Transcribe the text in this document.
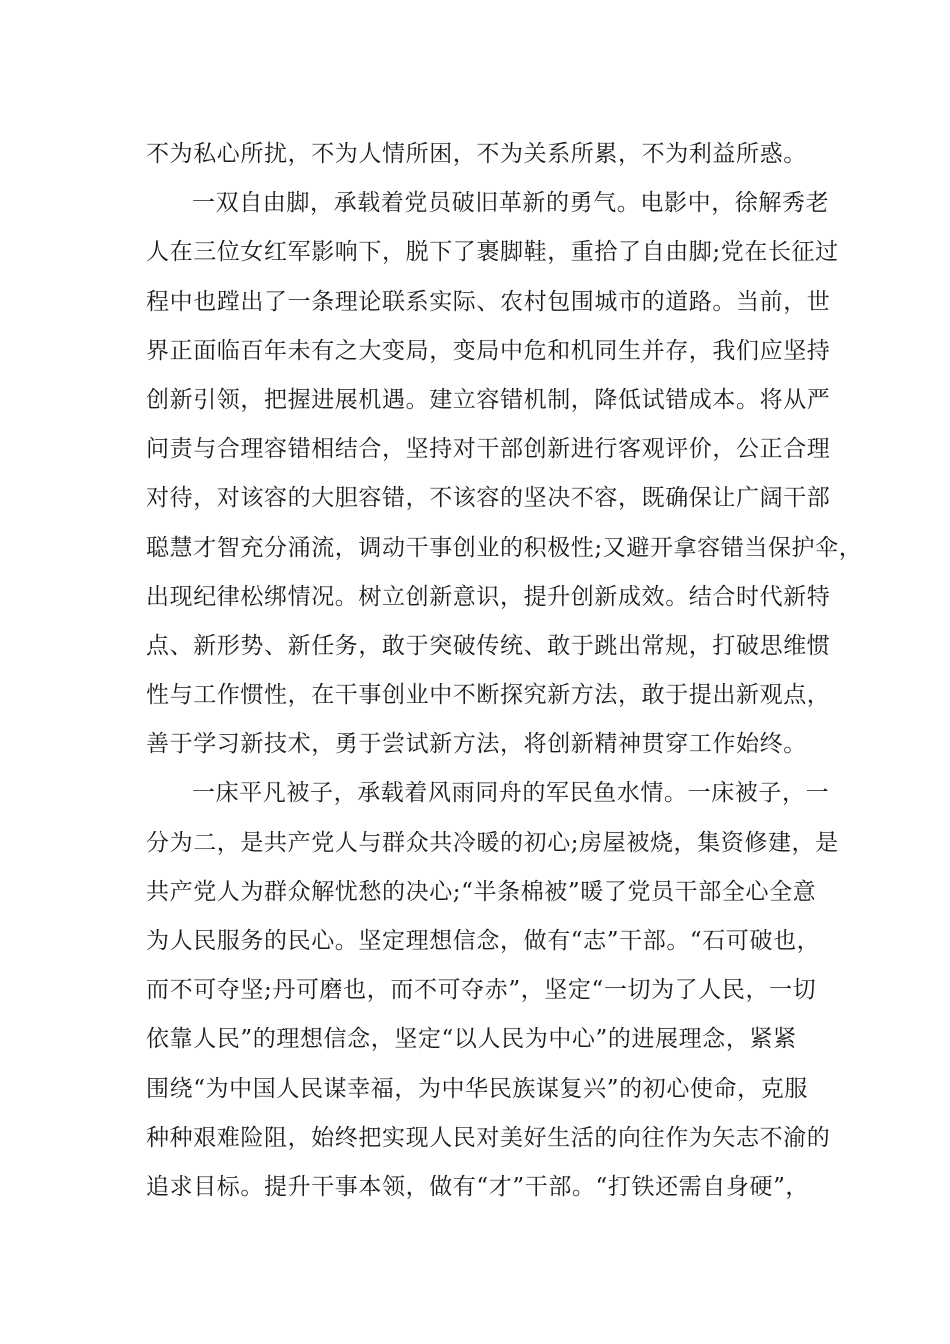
不为私心所扰，不为人情所困，不为关系所累，不为利益所惑。
一双自由脚，承载着党员破旧革新的勇气。电影中，徐解秀老
人在三位女红军影响下，脱下了裹脚鞋，重拾了自由脚;党在长征过
程中也蹚出了一条理论联系实际、农村包围城市的道路。当前，世
界正面临百年未有之大变局，变局中危和机同生并存，我们应坚持
创新引领，把握进展机遇。建立容错机制，降低试错成本。将从严
问责与合理容错相结合，坚持对干部创新进行客观评价，公正合理
对待，对该容的大胆容错，不该容的坚决不容，既确保让广阔干部
聪慧才智充分涌流，调动干事创业的积极性;又避开拿容错当保护伞，
出现纪律松绑情况。树立创新意识，提升创新成效。结合时代新特
点、新形势、新任务，敢于突破传统、敢于跳出常规，打破思维惯
性与工作惯性，在干事创业中不断探究新方法，敢于提出新观点，
善于学习新技术，勇于尝试新方法，将创新精神贯穿工作始终。
一床平凡被子，承载着风雨同舟的军民鱼水情。一床被子，一
分为二，是共产党人与群众共冷暖的初心;房屋被烧，集资修建，是
共产党人为群众解忧愁的决心;“半条棉被”暖了党员干部全心全意
为人民服务的民心。坚定理想信念，做有“志”干部。“石可破也，
而不可夺坚;丹可磨也，而不可夺赤”，坚定“一切为了人民，一切
依靠人民”的理想信念，坚定“以人民为中心”的进展理念，紧紧
围绕“为中国人民谋幸福，为中华民族谋复兴”的初心使命，克服
种种艰难险阻，始终把实现人民对美好生活的向往作为矢志不渝的
追求目标。提升干事本领，做有“才”干部。“打铁还需自身硬”，
